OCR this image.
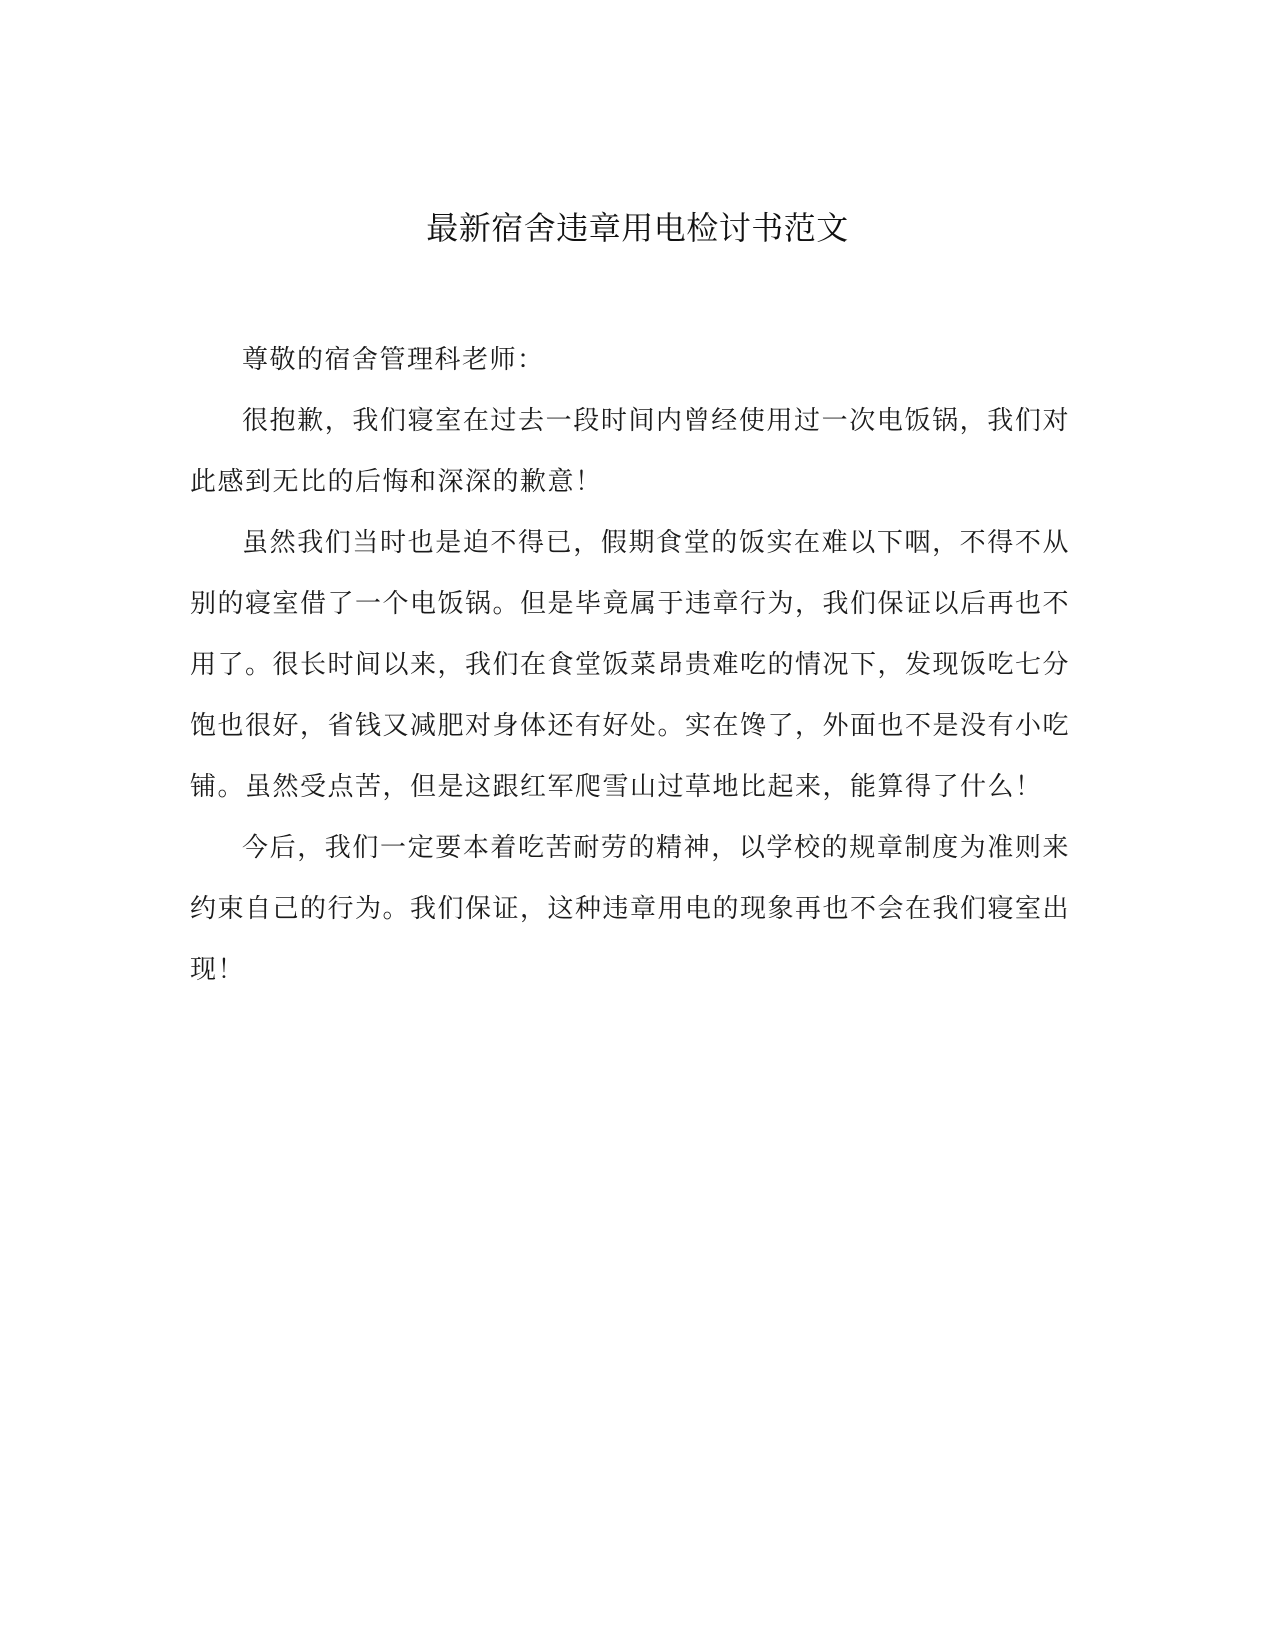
最新宿舍违章用电检讨书范文

尊敬的宿舍管理科老师：

很抱歉，我们寝室在过去一段时间内曾经使用过一次电饭锅，我们对此感到无比的后悔和深深的歉意！

虽然我们当时也是迫不得已，假期食堂的饭实在难以下咽，不得不从别的寝室借了一个电饭锅。但是毕竟属于违章行为，我们保证以后再也不用了。很长时间以来，我们在食堂饭菜昂贵难吃的情况下，发现饭吃七分饱也很好，省钱又减肥对身体还有好处。实在馋了，外面也不是没有小吃铺。虽然受点苦，但是这跟红军爬雪山过草地比起来，能算得了什么！

今后，我们一定要本着吃苦耐劳的精神，以学校的规章制度为准则来约束自己的行为。我们保证，这种违章用电的现象再也不会在我们寝室出现！
